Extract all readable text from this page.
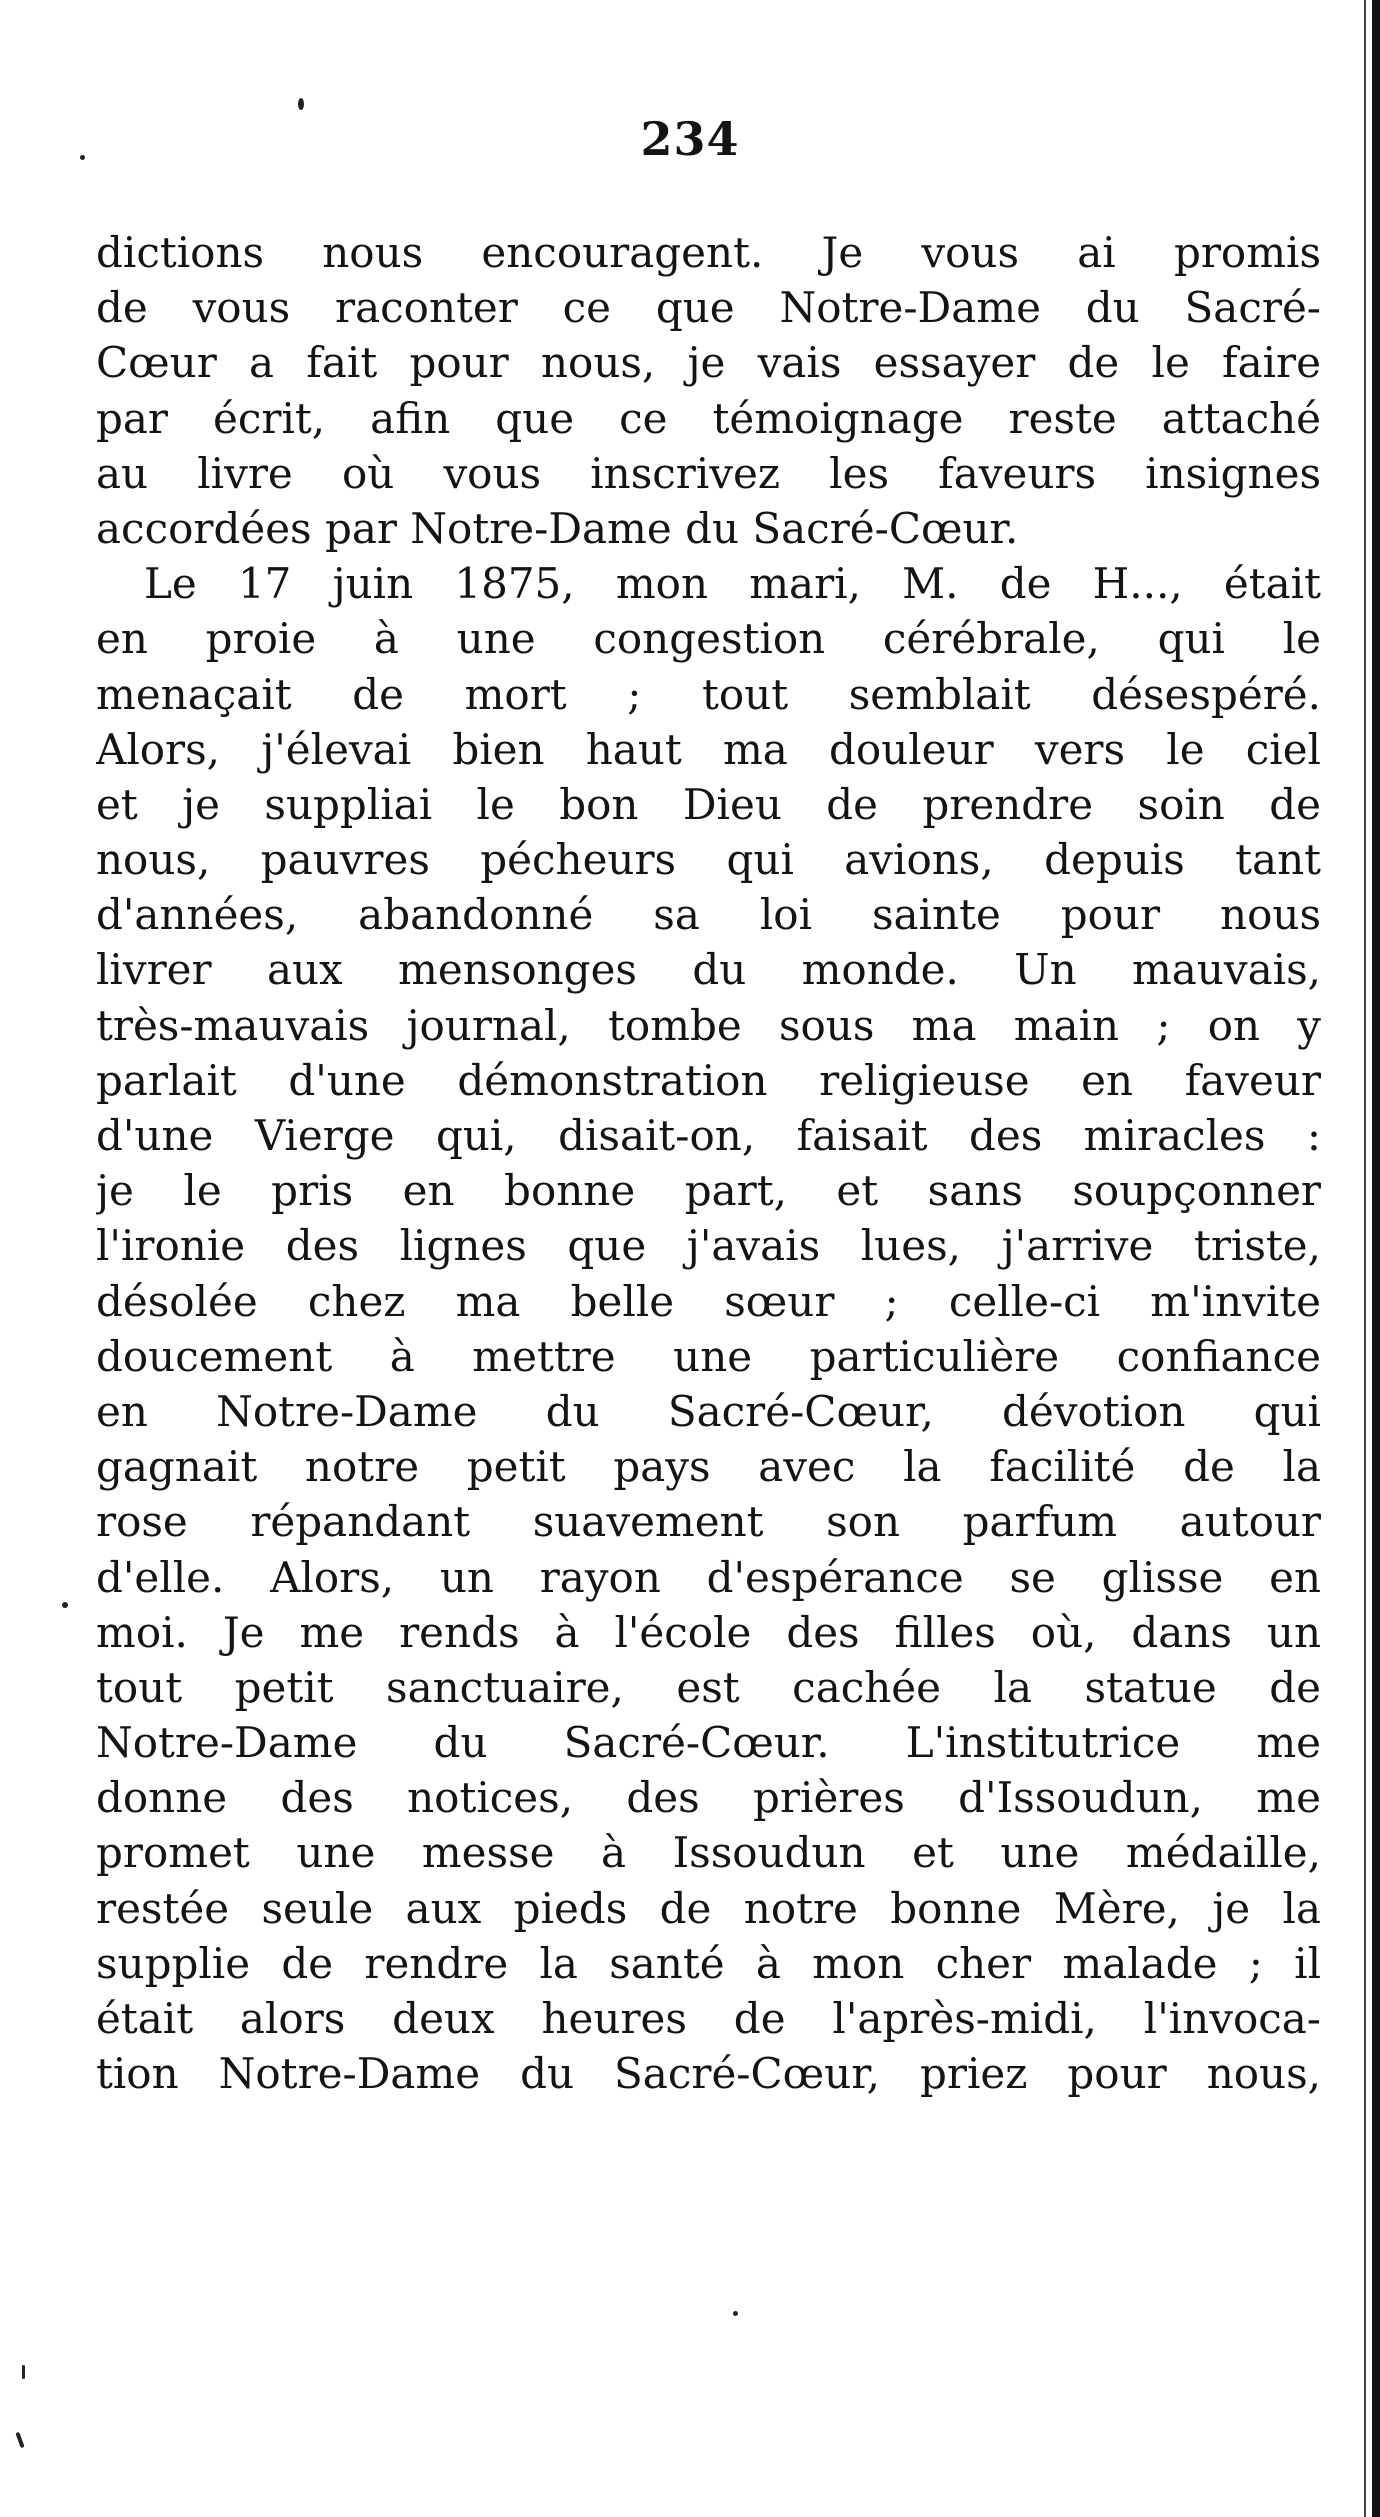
234
dictions nous encouragent. Je vous ai promis
de vous raconter ce que Notre-Dame du Sacré-
Cœur a fait pour nous, je vais essayer de le faire
par écrit, afin que ce témoignage reste attaché
au livre où vous inscrivez les faveurs insignes
accordées par Notre-Dame du Sacré-Cœur.
Le 17 juin 1875, mon mari, M. de H..., était
en proie à une congestion cérébrale, qui le
menaçait de mort ; tout semblait désespéré.
Alors, j'élevai bien haut ma douleur vers le ciel
et je suppliai le bon Dieu de prendre soin de
nous, pauvres pécheurs qui avions, depuis tant
d'années, abandonné sa loi sainte pour nous
livrer aux mensonges du monde. Un mauvais,
très-mauvais journal, tombe sous ma main ; on y
parlait d'une démonstration religieuse en faveur
d'une Vierge qui, disait-on, faisait des miracles :
je le pris en bonne part, et sans soupçonner
l'ironie des lignes que j'avais lues, j'arrive triste,
désolée chez ma belle sœur ; celle-ci m'invite
doucement à mettre une particulière confiance
en Notre-Dame du Sacré-Cœur, dévotion qui
gagnait notre petit pays avec la facilité de la
rose répandant suavement son parfum autour
d'elle. Alors, un rayon d'espérance se glisse en
moi. Je me rends à l'école des filles où, dans un
tout petit sanctuaire, est cachée la statue de
Notre-Dame du Sacré-Cœur. L'institutrice me
donne des notices, des prières d'Issoudun, me
promet une messe à Issoudun et une médaille,
restée seule aux pieds de notre bonne Mère, je la
supplie de rendre la santé à mon cher malade ; il
était alors deux heures de l'après-midi, l'invoca-
tion Notre-Dame du Sacré-Cœur, priez pour nous,
